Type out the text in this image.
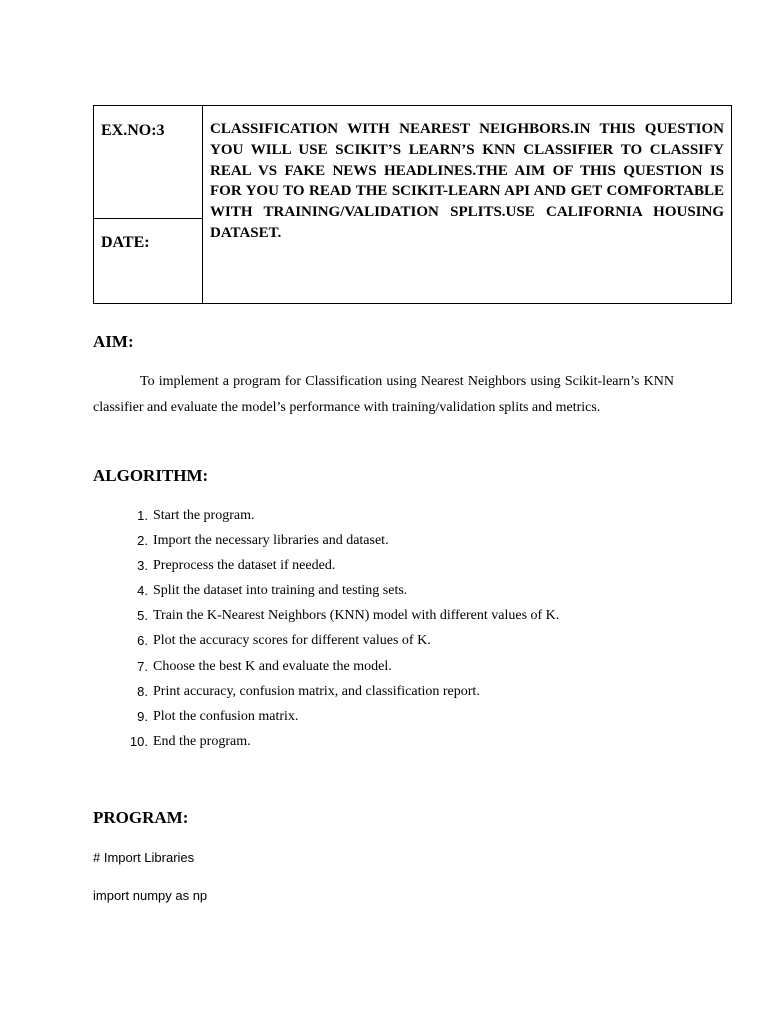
EX.NO:3
DATE:
CLASSIFICATION WITH NEAREST NEIGHBORS.IN THIS QUESTION YOU WILL USE SCIKIT’S LEARN’S KNN CLASSIFIER TO CLASSIFY REAL VS FAKE NEWS HEADLINES.THE AIM OF THIS QUESTION IS FOR YOU TO READ THE SCIKIT-LEARN API AND GET COMFORTABLE WITH TRAINING/VALIDATION SPLITS.USE CALIFORNIA HOUSING DATASET.
AIM:
To implement a program for Classification using Nearest Neighbors using Scikit-learn’s KNN classifier and evaluate the model’s performance with training/validation splits and metrics.
ALGORITHM:
1. Start the program.
2. Import the necessary libraries and dataset.
3. Preprocess the dataset if needed.
4. Split the dataset into training and testing sets.
5. Train the K-Nearest Neighbors (KNN) model with different values of K.
6. Plot the accuracy scores for different values of K.
7. Choose the best K and evaluate the model.
8. Print accuracy, confusion matrix, and classification report.
9. Plot the confusion matrix.
10. End the program.
PROGRAM:
# Import Libraries
import numpy as np
